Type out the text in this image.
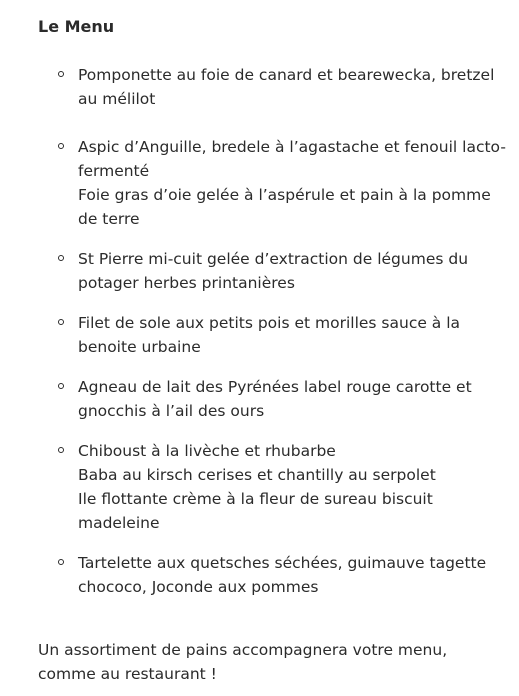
Le Menu
Pomponette au foie de canard et bearewecka, bretzel
au mélilot
Aspic d’Anguille, bredele à l’agastache et fenouil lacto-
fermenté
Foie gras d’oie gelée à l’aspérule et pain à la pomme
de terre
St Pierre mi-cuit gelée d’extraction de légumes du
potager herbes printanières
Filet de sole aux petits pois et morilles sauce à la
benoite urbaine
Agneau de lait des Pyrénées label rouge carotte et
gnocchis à l’ail des ours
Chiboust à la livèche et rhubarbe
Baba au kirsch cerises et chantilly au serpolet
Ile flottante crème à la fleur de sureau biscuit
madeleine
Tartelette aux quetsches séchées, guimauve tagette
chococo, Joconde aux pommes

Un assortiment de pains accompagnera votre menu,
comme au restaurant !
